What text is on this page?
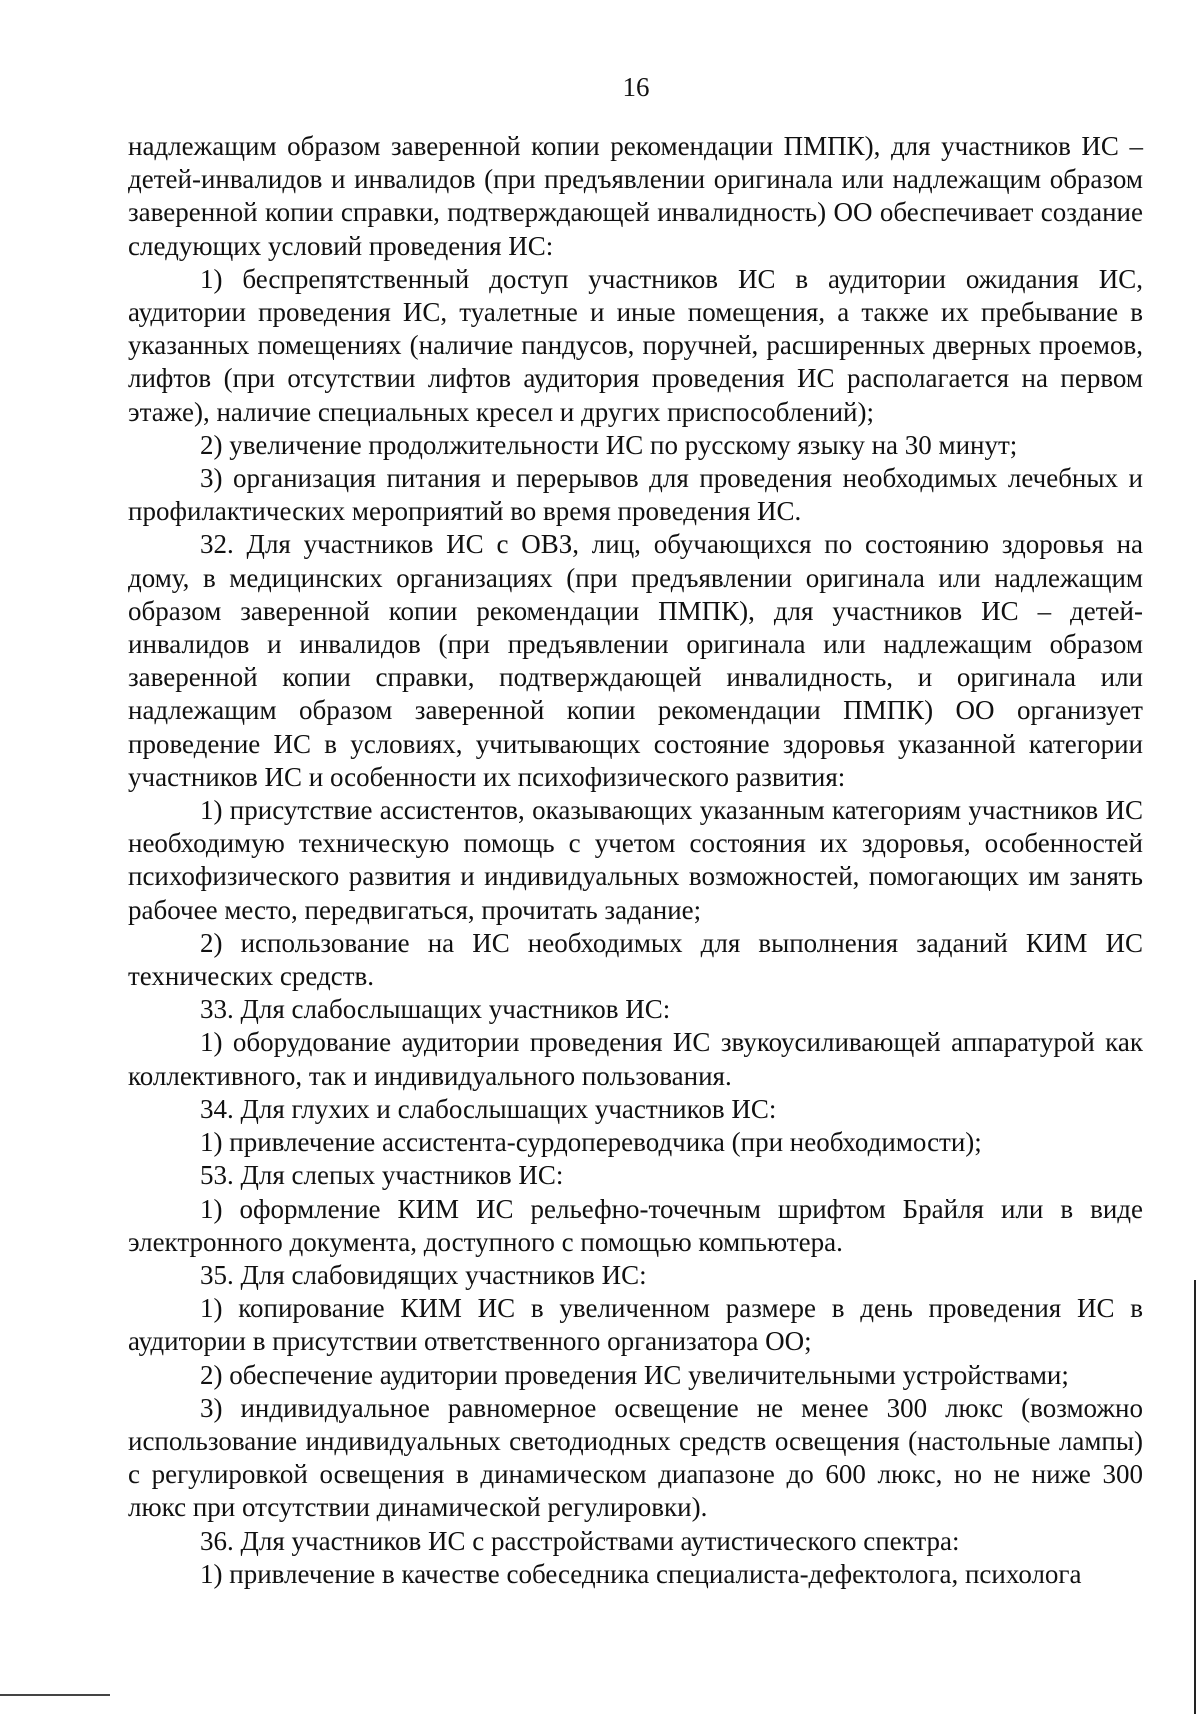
16

надлежащим образом заверенной копии рекомендации ПМПК), для участников ИС – детей-инвалидов и инвалидов (при предъявлении оригинала или надлежащим образом заверенной копии справки, подтверждающей инвалидность) ОО обеспечивает создание следующих условий проведения ИС:

1) беспрепятственный доступ участников ИС в аудитории ожидания ИС, аудитории проведения ИС, туалетные и иные помещения, а также их пребывание в указанных помещениях (наличие пандусов, поручней, расширенных дверных проемов, лифтов (при отсутствии лифтов аудитория проведения ИС располагается на первом этаже), наличие специальных кресел и других приспособлений);

2) увеличение продолжительности ИС по русскому языку на 30 минут;

3) организация питания и перерывов для проведения необходимых лечебных и профилактических мероприятий во время проведения ИС.

32. Для участников ИС с ОВЗ, лиц, обучающихся по состоянию здоровья на дому, в медицинских организациях (при предъявлении оригинала или надлежащим образом заверенной копии рекомендации ПМПК), для участников ИС – детей-инвалидов и инвалидов (при предъявлении оригинала или надлежащим образом заверенной копии справки, подтверждающей инвалидность, и оригинала или надлежащим образом заверенной копии рекомендации ПМПК) ОО организует проведение ИС в условиях, учитывающих состояние здоровья указанной категории участников ИС и особенности их психофизического развития:

1) присутствие ассистентов, оказывающих указанным категориям участников ИС необходимую техническую помощь с учетом состояния их здоровья, особенностей психофизического развития и индивидуальных возможностей, помогающих им занять рабочее место, передвигаться, прочитать задание;

2) использование на ИС необходимых для выполнения заданий КИМ ИС технических средств.

33. Для слабослышащих участников ИС:

1) оборудование аудитории проведения ИС звукоусиливающей аппаратурой как коллективного, так и индивидуального пользования.

34. Для глухих и слабослышащих участников ИС:

1) привлечение ассистента-сурдопереводчика (при необходимости);

53. Для слепых участников ИС:

1) оформление КИМ ИС рельефно-точечным шрифтом Брайля или в виде электронного документа, доступного с помощью компьютера.

35. Для слабовидящих участников ИС:

1) копирование КИМ ИС в увеличенном размере в день проведения ИС в аудитории в присутствии ответственного организатора ОО;

2) обеспечение аудитории проведения ИС увеличительными устройствами;

3) индивидуальное равномерное освещение не менее 300 люкс (возможно использование индивидуальных светодиодных средств освещения (настольные лампы) с регулировкой освещения в динамическом диапазоне до 600 люкс, но не ниже 300 люкс при отсутствии динамической регулировки).

36. Для участников ИС с расстройствами аутистического спектра:

1) привлечение в качестве собеседника специалиста-дефектолога, психолога
